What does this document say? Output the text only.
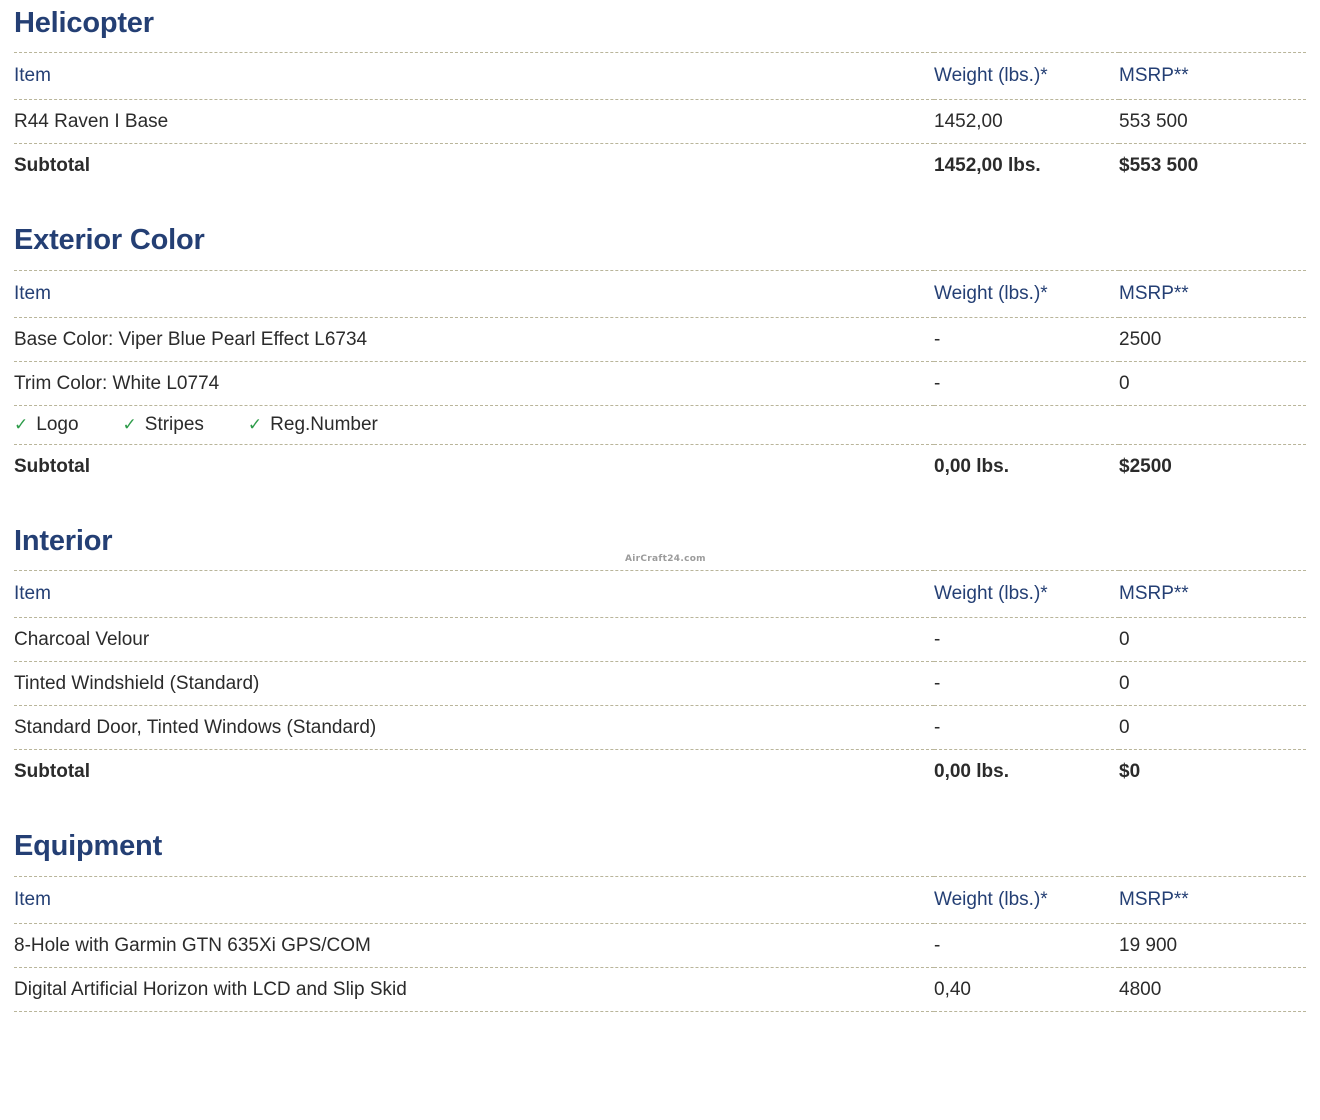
AirCraft24.com
Helicopter
Item	Weight (lbs.)*	MSRP**
R44 Raven I Base	1452,00	553 500
Subtotal	1452,00 lbs.	$553 500
Exterior Color
Item	Weight (lbs.)*	MSRP**
Base Color: Viper Blue Pearl Effect L6734	-	2500
Trim Color: White L0774	-	0

✓ Logo	✓ Stripes	✓ Reg.Number

Subtotal	0,00 lbs.	$2500
Interior
Item	Weight (lbs.)*	MSRP**
Charcoal Velour	-	0
Tinted Windshield (Standard)	-	0
Standard Door, Tinted Windows (Standard)	-	0
Subtotal	0,00 lbs.	$0
Equipment
Item	Weight (lbs.)*	MSRP**
8-Hole with Garmin GTN 635Xi GPS/COM	-	19 900
Digital Artificial Horizon with LCD and Slip Skid	0,40	4800
